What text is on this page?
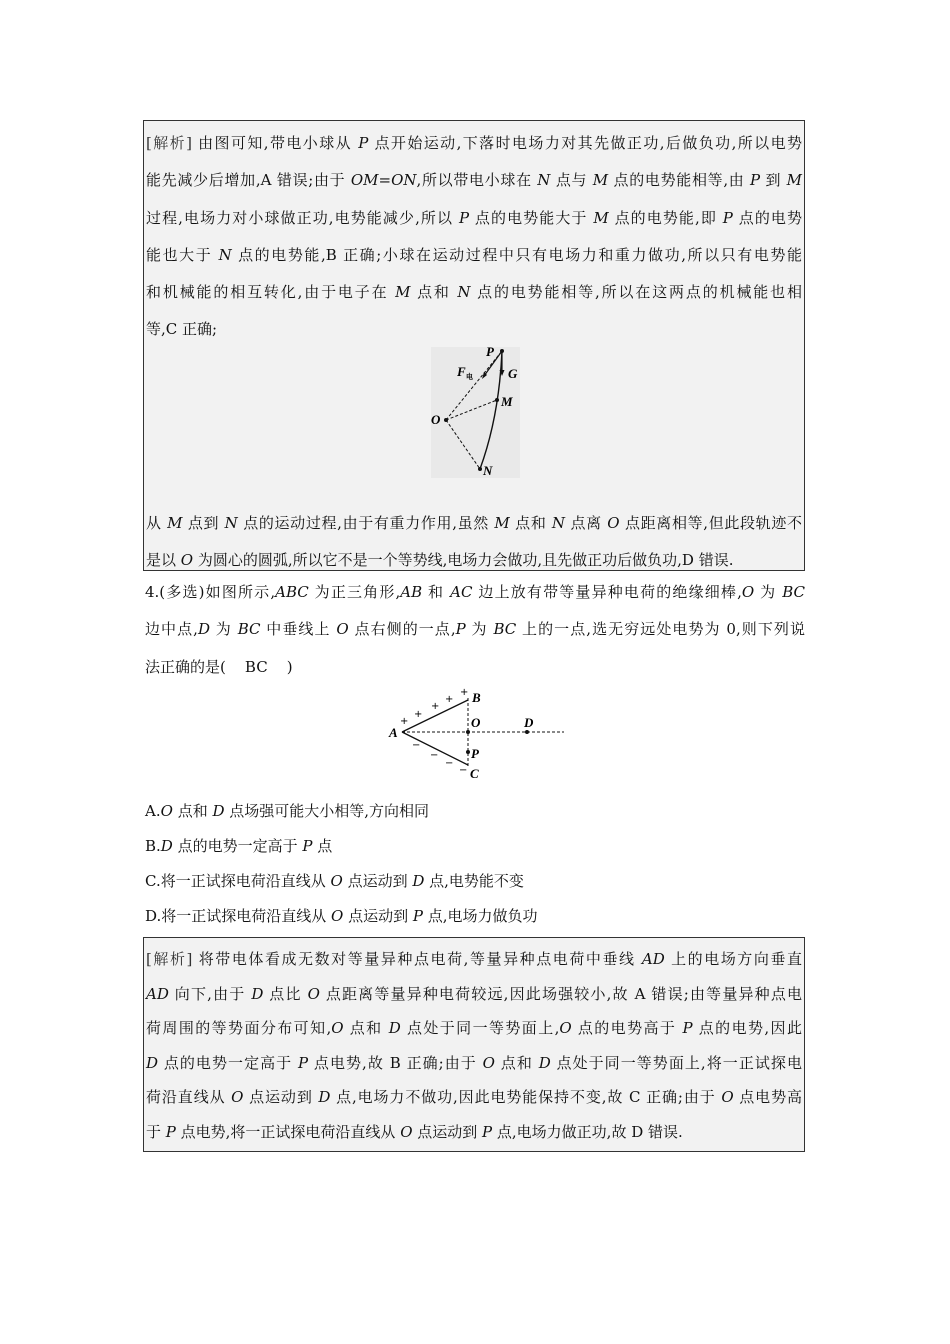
[解析] 由图可知,带电小球从 P 点开始运动,下落时电场力对其先做正功,后做负功,所以电势
能先减少后增加,A 错误;由于 OM=ON,所以带电小球在 N 点与 M 点的电势能相等,由 P 到 M
过程,电场力对小球做正功,电势能减少,所以 P 点的电势能大于 M 点的电势能,即 P 点的电势
能也大于 N 点的电势能,B 正确;小球在运动过程中只有电场力和重力做功,所以只有电势能
和机械能的相互转化,由于电子在 M 点和 N 点的电势能相等,所以在这两点的机械能也相
等,C 正确;
从 M 点到 N 点的运动过程,由于有重力作用,虽然 M 点和 N 点离 O 点距离相等,但此段轨迹不
是以 O 为圆心的圆弧,所以它不是一个等势线,电场力会做功,且先做正功后做负功,D 错误.
P
F 电	G
O
M
N
4.(多选)如图所示,ABC 为正三角形,AB 和 AC 边上放有带等量异种电荷的绝缘细棒,O 为 BC
边中点,D 为 BC 中垂线上 O 点右侧的一点,P 为 BC 上的一点,选无穷远处电势为 0,则下列说
法正确的是(    BC    )
A
B
C
O	D
P
+
+
+
+
+
−
−
−
−
A.O 点和 D 点场强可能大小相等,方向相同
B.D 点的电势一定高于 P 点
C.将一正试探电荷沿直线从 O 点运动到 D 点,电势能不变
D.将一正试探电荷沿直线从 O 点运动到 P 点,电场力做负功
[解析] 将带电体看成无数对等量异种点电荷,等量异种点电荷中垂线 AD 上的电场方向垂直
AD 向下,由于 D 点比 O 点距离等量异种电荷较远,因此场强较小,故 A 错误;由等量异种点电
荷周围的等势面分布可知,O 点和 D 点处于同一等势面上,O 点的电势高于 P 点的电势,因此
D 点的电势一定高于 P 点电势,故 B 正确;由于 O 点和 D 点处于同一等势面上,将一正试探电
荷沿直线从 O 点运动到 D 点,电场力不做功,因此电势能保持不变,故 C 正确;由于 O 点电势高
于 P 点电势,将一正试探电荷沿直线从 O 点运动到 P 点,电场力做正功,故 D 错误.
